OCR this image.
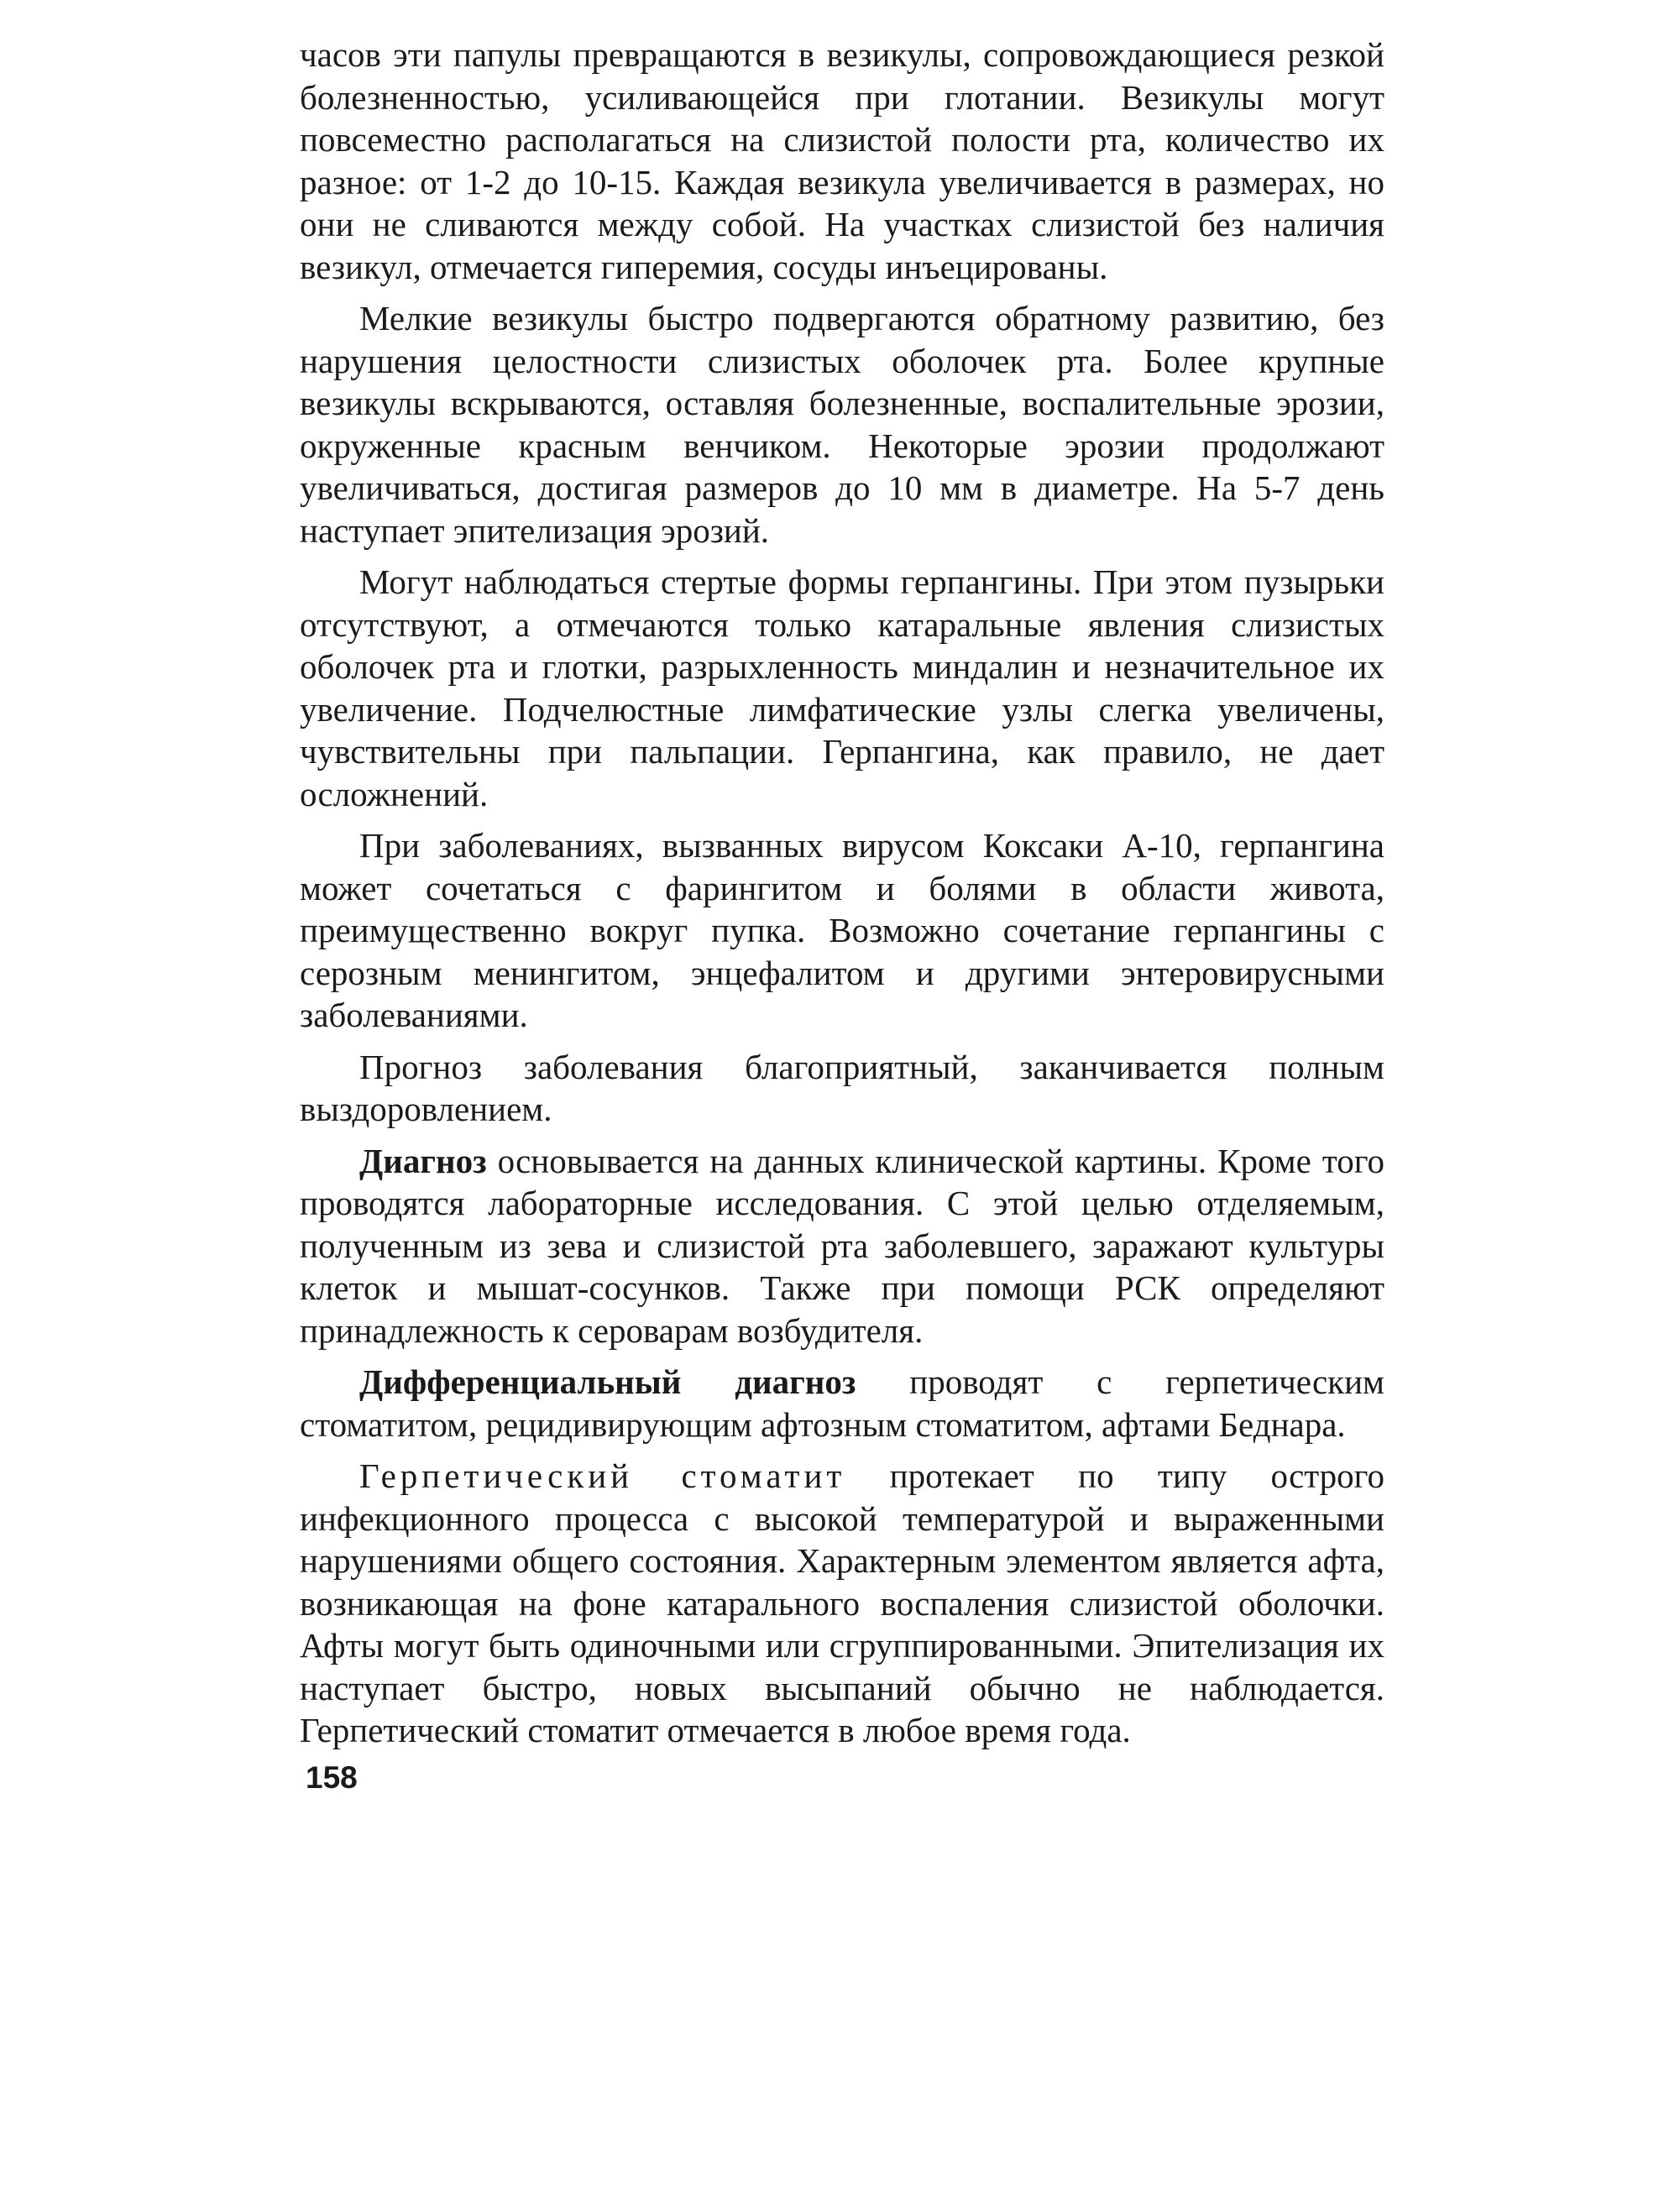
часов эти папулы превращаются в везикулы, сопровождающиеся резкой болезненностью, усиливающейся при глотании. Везикулы могут повсеместно располагаться на слизистой полости рта, количество их разное: от 1-2 до 10-15. Каждая везикула увеличивается в размерах, но они не сливаются между собой. На участках слизистой без наличия везикул, отмечается гиперемия, сосуды инъецированы.

Мелкие везикулы быстро подвергаются обратному развитию, без нарушения целостности слизистых оболочек рта. Более крупные везикулы вскрываются, оставляя болезненные, воспалительные эрозии, окруженные красным венчиком. Некоторые эрозии продолжают увеличиваться, достигая размеров до 10 мм в диаметре. На 5-7 день наступает эпителизация эрозий.

Могут наблюдаться стертые формы герпангины. При этом пузырьки отсутствуют, а отмечаются только катаральные явления слизистых оболочек рта и глотки, разрыхленность миндалин и незначительное их увеличение. Подчелюстные лимфатические узлы слегка увеличены, чувствительны при пальпации. Герпангина, как правило, не дает осложнений.

При заболеваниях, вызванных вирусом Коксаки А-10, герпангина может сочетаться с фарингитом и болями в области живота, преимущественно вокруг пупка. Возможно сочетание герпангины с серозным менингитом, энцефалитом и другими энтеровирусными заболеваниями.

Прогноз заболевания благоприятный, заканчивается полным выздоровлением.

Диагноз основывается на данных клинической картины. Кроме того проводятся лабораторные исследования. С этой целью отделяемым, полученным из зева и слизистой рта заболевшего, заражают культуры клеток и мышат-сосунков. Также при помощи РСК определяют принадлежность к сероварам возбудителя.

Дифференциальный диагноз проводят с герпетическим стоматитом, рецидивирующим афтозным стоматитом, афтами Беднара.

Герпетический стоматит протекает по типу острого инфекционного процесса с высокой температурой и выраженными нарушениями общего состояния. Характерным элементом является афта, возникающая на фоне катарального воспаления слизистой оболочки. Афты могут быть одиночными или сгруппированными. Эпителизация их наступает быстро, новых высыпаний обычно не наблюдается. Герпетический стоматит отмечается в любое время года.

158
